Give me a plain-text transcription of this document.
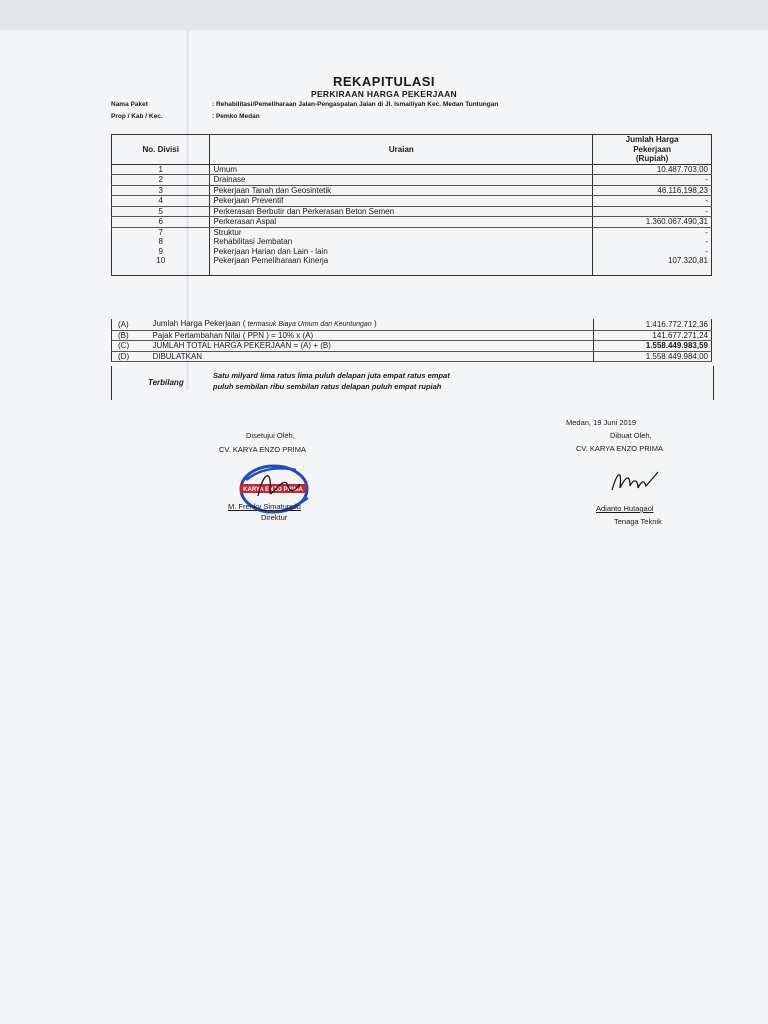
REKAPITULASI
PERKIRAAN HARGA PEKERJAAN
Nama Paket	: Rehabilitasi/Pemeliharaan Jalan-Pengaspalan Jalan di Jl. Ismailiyah Kec. Medan Tuntungan
Prop / Kab / Kec.	: Pemko Medan
No. Divisi	Uraian	Jumlah Harga
Pekerjaan
(Rupiah)
1	Umum	10.487.703,00
2	Drainase	-
3	Pekerjaan Tanah dan Geosintetik	46.116.198,23
4	Pekerjaan Preventif	-
5	Perkerasan Berbutir dan Perkerasan Beton Semen	-
6	Perkerasan Aspal	1.360.067.490,31
7	Struktur	-
8	Rehabilitasi Jembatan	-
9	Pekerjaan Harian dan Lain - lain	-
10	Pekerjaan Pemeliharaan Kinerja	107.320,81

(A)	Jumlah Harga Pekerjaan ( termasuk Biaya Umum dan Keuntungan )	1.416.772.712,36
(B)	Pajak Pertambahan Nilai ( PPN ) = 10% x (A)	141.677.271,24
(C)	JUMLAH TOTAL HARGA PEKERJAAN = (A) + (B)	1.558.449.983,59
(D)	DIBULATKAN	1.558.449.984,00
Terbilang
Satu milyard lima ratus lima puluh delapan juta empat ratus empat
puluh sembilan ribu sembilan ratus delapan puluh empat rupiah
Disetujui Oleh,
CV. KARYA ENZO PRIMA
KARYA ENZO PRIMA
M. Frenky Simatupulu
Direktur
Medan, 19 Juni 2019
Dibuat Oleh,
CV. KARYA ENZO PRIMA
Adianto Hutagaol
Tenaga Teknik
